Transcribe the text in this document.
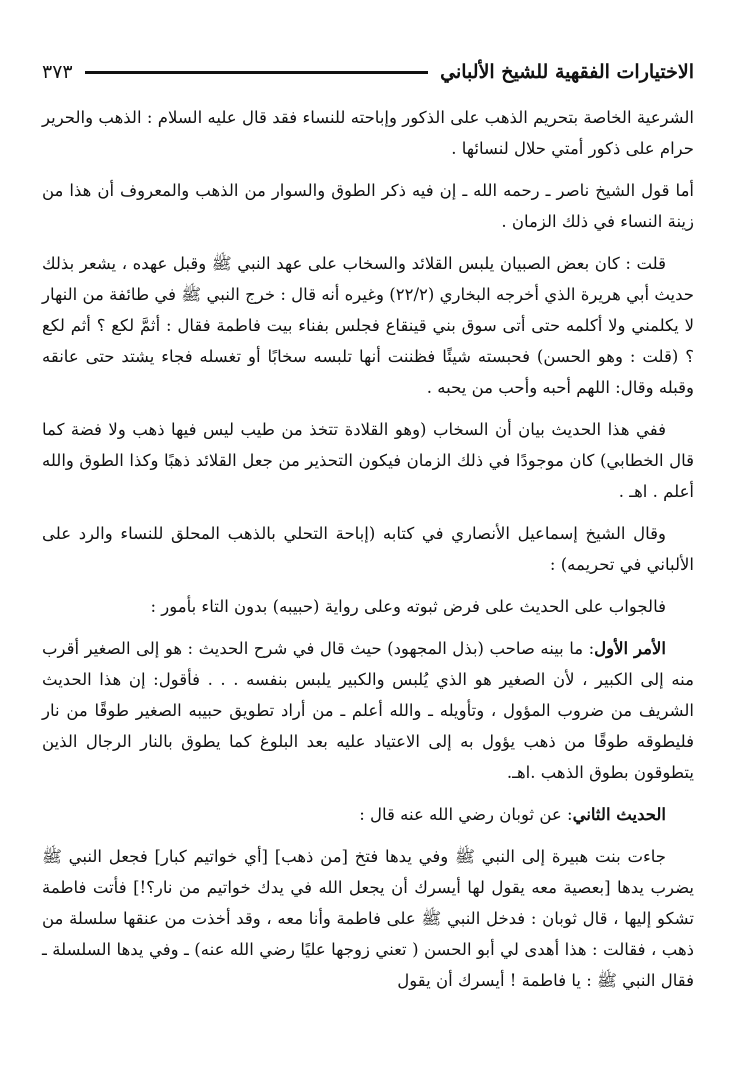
الاختيارات الفقهية للشيخ الألباني
٣٧٣

الشرعية الخاصة بتحريم الذهب على الذكور وإباحته للنساء فقد قال عليه السلام : الذهب والحرير حرام على ذكور أمتي حلال لنسائها .

أما قول الشيخ ناصر ـ رحمه الله ـ إن فيه ذكر الطوق والسوار من الذهب والمعروف أن هذا من زينة النساء في ذلك الزمان .

قلت : كان بعض الصبيان يلبس القلائد والسخاب على عهد النبي ﷺ وقبل عهده ، يشعر بذلك حديث أبي هريرة الذي أخرجه البخاري (٢٢/٢) وغيره أنه قال : خرج النبي ﷺ في طائفة من النهار لا يكلمني ولا أكلمه حتى أتى سوق بني قينقاع فجلس بفناء بيت فاطمة فقال : أثمَّ لكع ؟ أثم لكع ؟ (قلت : وهو الحسن) فحبسته شيئًا فظننت أنها تلبسه سخابًا أو تغسله فجاء يشتد حتى عانقه وقبله وقال: اللهم أحبه وأحب من يحبه .

ففي هذا الحديث بيان أن السخاب (وهو القلادة تتخذ من طيب ليس فيها ذهب ولا فضة كما قال الخطابي) كان موجودًا في ذلك الزمان فيكون التحذير من جعل القلائد ذهبًا وكذا الطوق والله أعلم . اهـ .

وقال الشيخ إسماعيل الأنصاري في كتابه (إباحة التحلي بالذهب المحلق للنساء والرد على الألباني في تحريمه) :

فالجواب على الحديث على فرض ثبوته وعلى رواية (حبيبه) بدون التاء بأمور :

الأمر الأول: ما بينه صاحب (بذل المجهود) حيث قال في شرح الحديث : هو إلى الصغير أقرب منه إلى الكبير ، لأن الصغير هو الذي يُلبس والكبير يلبس بنفسه . . . فأقول: إن هذا الحديث الشريف من ضروب المؤول ، وتأويله ـ والله أعلم ـ من أراد تطويق حبيبه الصغير طوقًا من نار فليطوقه طوقًا من ذهب يؤول به إلى الاعتياد عليه بعد البلوغ كما يطوق بالنار الرجال الذين يتطوقون بطوق الذهب .اهـ.

الحديث الثاني: عن ثوبان رضي الله عنه قال :

جاءت بنت هبيرة إلى النبي ﷺ وفي يدها فتخ [من ذهب] [أي خواتيم كبار] فجعل النبي ﷺ يضرب يدها [بعصية معه يقول لها أيسرك أن يجعل الله في يدك خواتيم من نار؟!] فأتت فاطمة تشكو إليها ، قال ثوبان : فدخل النبي ﷺ على فاطمة وأنا معه ، وقد أخذت من عنقها سلسلة من ذهب ، فقالت : هذا أهدى لي أبو الحسن ( تعني زوجها عليًا رضي الله عنه) ـ وفي يدها السلسلة ـ فقال النبي ﷺ : يا فاطمة ! أيسرك أن يقول
